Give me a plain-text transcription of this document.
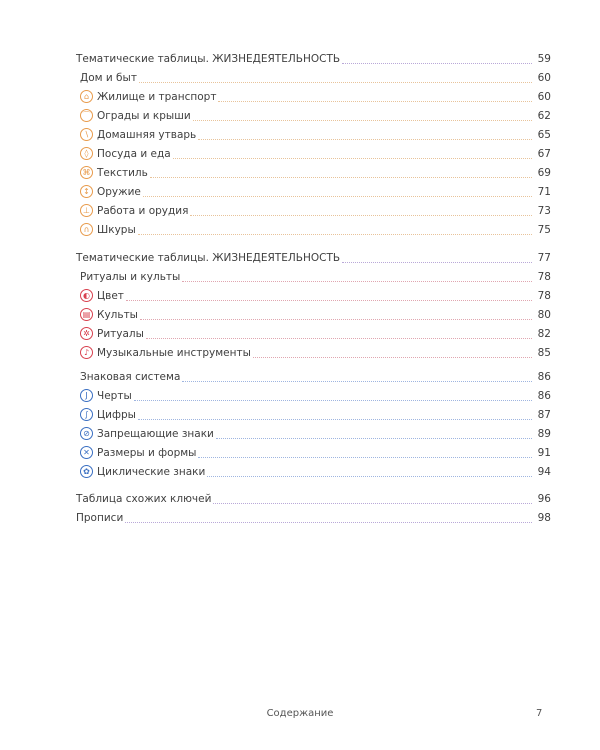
Тематические таблицы. ЖИЗНЕДЕЯТЕЛЬНОСТЬ	59
Дом и быт	60
⌂ Жилище и транспорт	60
⌒ Ограды и крыши	62
∖ Домашняя утварь	65
◊ Посуда и еда	67
⌘ Текстиль	69
↕ Оружие	71
⊥ Работа и орудия	73
∩ Шкуры	75
Тематические таблицы. ЖИЗНЕДЕЯТЕЛЬНОСТЬ	77
Ритуалы и культы	78
◐ Цвет	78
▤ Культы	80
✲ Ритуалы	82
♪ Музыкальные инструменты	85
Знаковая система	86
J Черты	86
∫ Цифры	87
⊘ Запрещающие знаки	89
✕ Размеры и формы	91
✿ Циклические знаки	94
Таблица схожих ключей	96
Прописи	98
Содержание	7
